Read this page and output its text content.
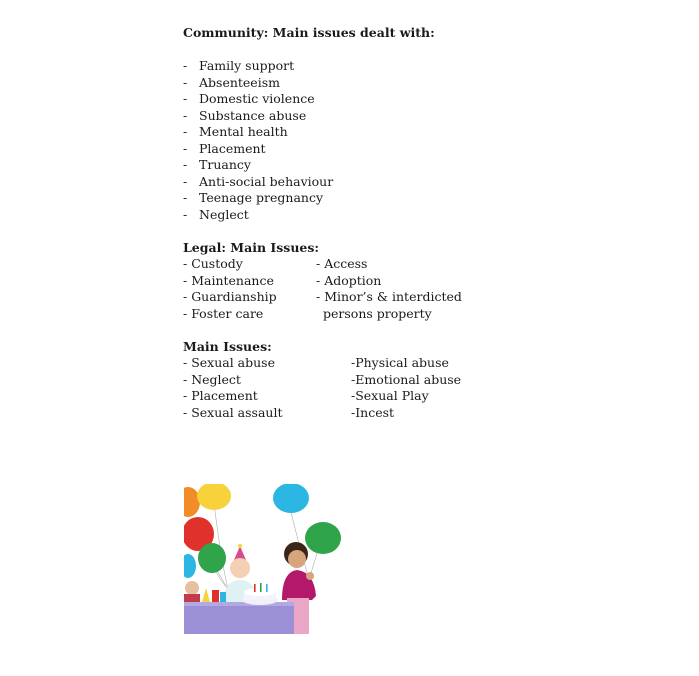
Community: Main issues dealt with:

- Family support
- Absenteeism
- Domestic violence
- Substance abuse
- Mental health
- Placement
- Truancy
- Anti-social behaviour
- Teenage pregnancy
- Neglect

Legal: Main Issues:

- Custody
- Maintenance
- Guardianship
- Foster care
- Access
- Adoption
- Minor’s & interdicted
persons property

Main Issues:

- Sexual abuse
- Neglect
- Placement
- Sexual assault
-Physical abuse
-Emotional abuse
-Sexual Play
-Incest
